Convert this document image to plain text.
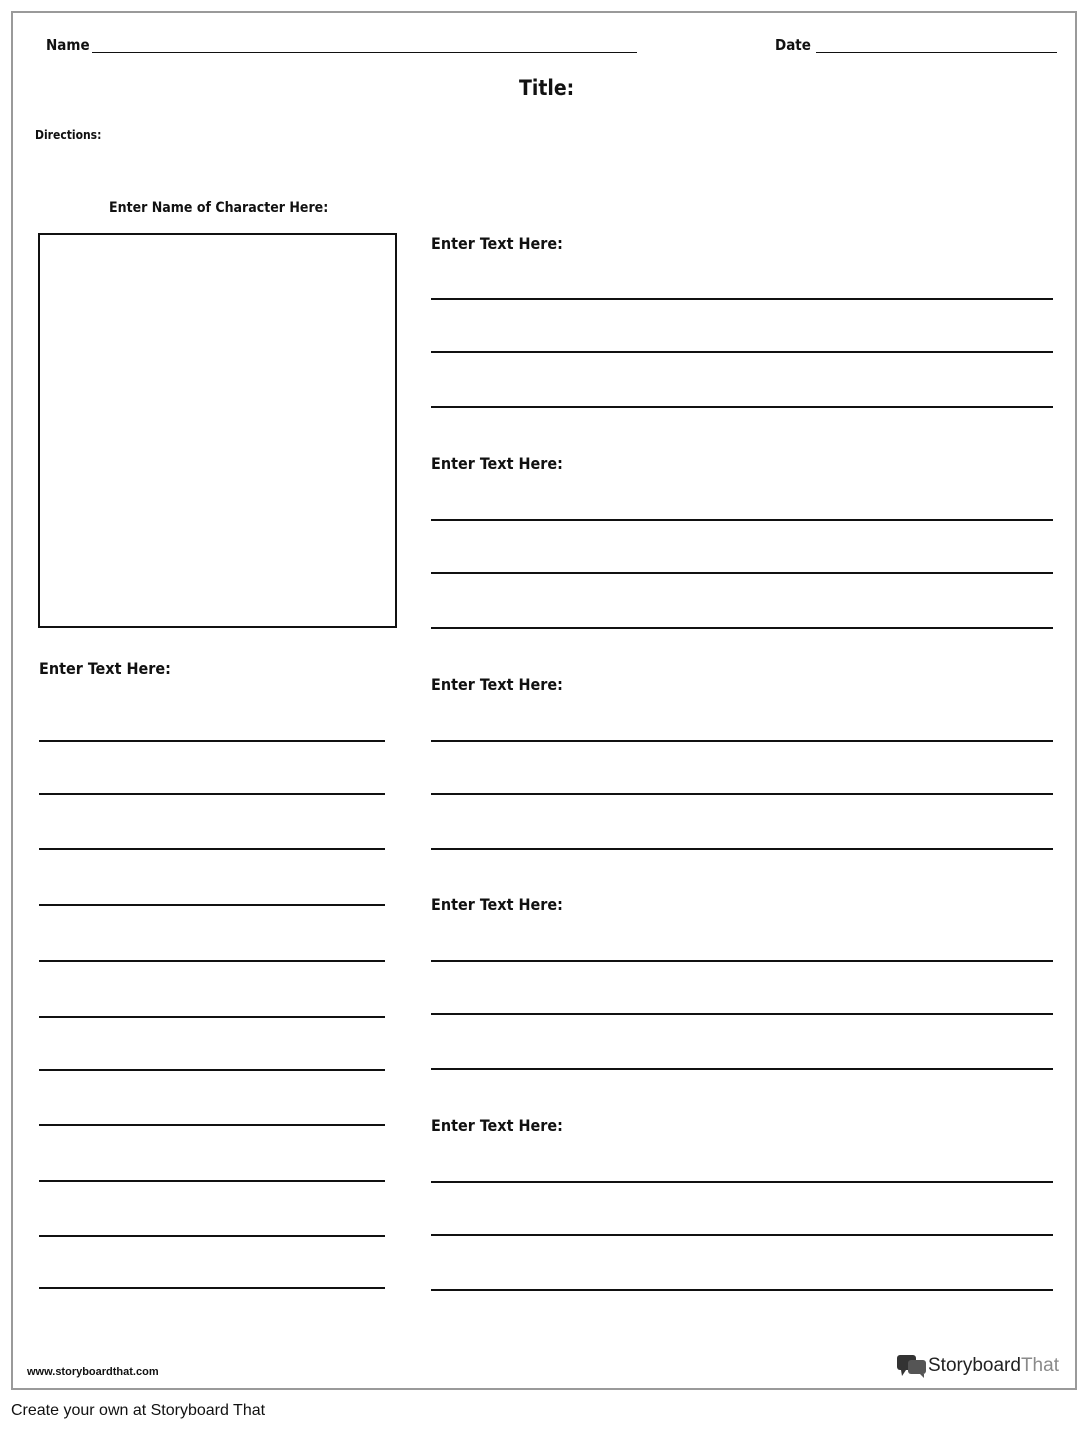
Name	Date
Title:
Directions:
Enter Name of Character Here:
Enter Text Here:
Enter Text Here:
Enter Text Here:
Enter Text Here:
Enter Text Here:
Enter Text Here:
www.storyboardthat.com	StoryboardThat
Create your own at Storyboard That
